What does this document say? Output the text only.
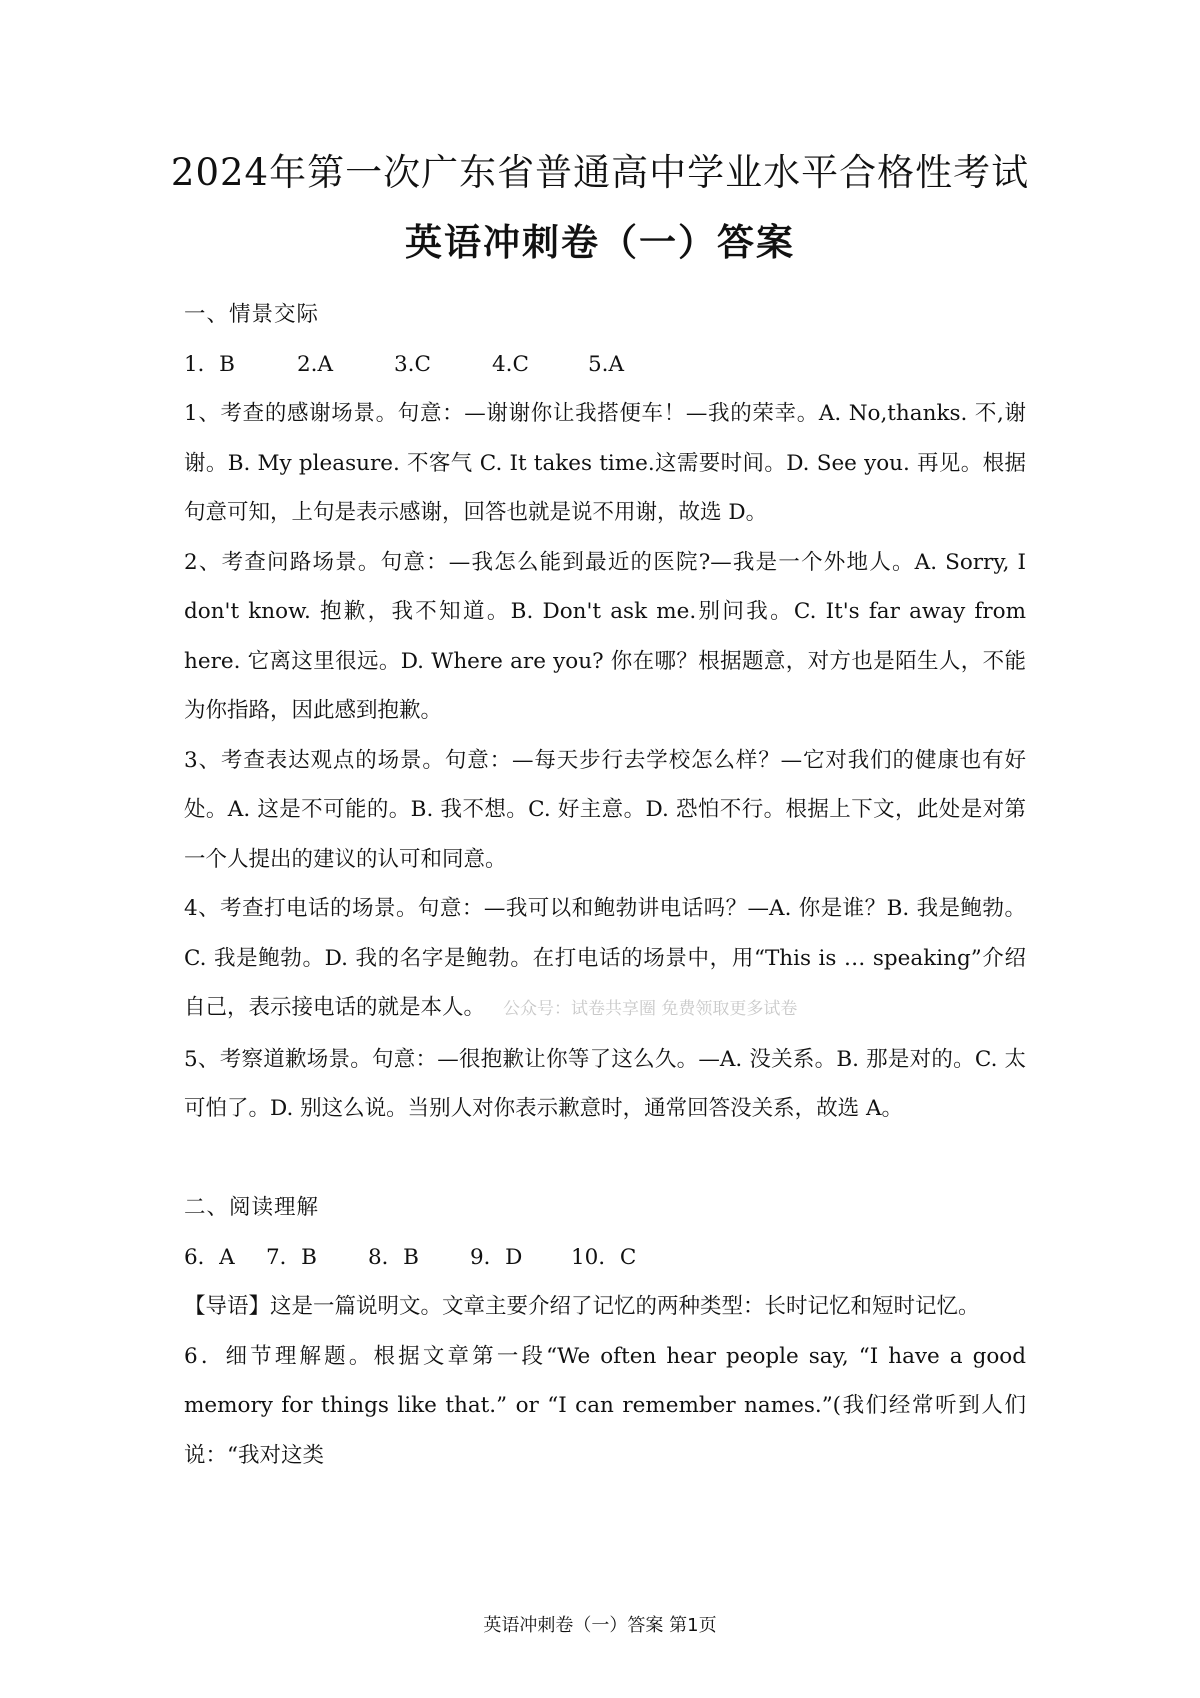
2024年第一次广东省普通高中学业水平合格性考试
英语冲刺卷（一）答案

一、情景交际

1．B	2.A	3.C	4.C	5.A

1、考查的感谢场景。句意：—谢谢你让我搭便车！—我的荣幸。A. No,thanks. 不,谢谢。B. My pleasure. 不客气 C. It takes time.这需要时间。D. See you. 再见。根据句意可知，上句是表示感谢，回答也就是说不用谢，故选 D。

2、考查问路场景。句意：—我怎么能到最近的医院?—我是一个外地人。A. Sorry, I don't know. 抱歉，我不知道。B. Don't ask me.别问我。C. It's far away from here. 它离这里很远。D. Where are you? 你在哪？根据题意，对方也是陌生人，不能为你指路，因此感到抱歉。

3、考查表达观点的场景。句意：—每天步行去学校怎么样？—它对我们的健康也有好处。A. 这是不可能的。B. 我不想。C. 好主意。D. 恐怕不行。根据上下文，此处是对第一个人提出的建议的认可和同意。

4、考查打电话的场景。句意：—我可以和鲍勃讲电话吗？—A. 你是谁？B. 我是鲍勃。C. 我是鲍勃。D. 我的名字是鲍勃。在打电话的场景中，用“This is … speaking”介绍自己，表示接电话的就是本人。 公众号：试卷共享圈 免费领取更多试卷

5、考察道歉场景。句意：—很抱歉让你等了这么久。—A. 没关系。B. 那是对的。C. 太可怕了。D. 别这么说。当别人对你表示歉意时，通常回答没关系，故选 A。

二、阅读理解

6．A 7．B 8．B 9．D 10．C

【导语】这是一篇说明文。文章主要介绍了记忆的两种类型：长时记忆和短时记忆。

6．细节理解题。根据文章第一段“We often hear people say, “I have a good memory for things like that.” or “I can remember names.”(我们经常听到人们说：“我对这类

英语冲刺卷（一）答案 第1页
